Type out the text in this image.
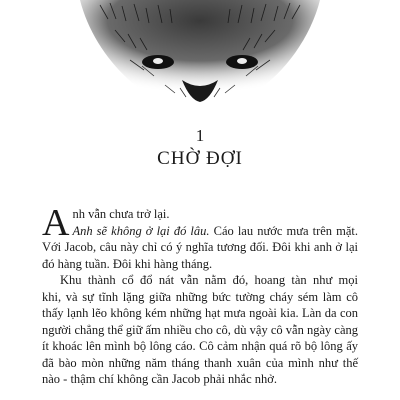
1
CHỜ ĐỢI

Anh vẫn chưa trở lại.

Anh sẽ không ở lại đó lâu. Cáo lau nước mưa trên mặt.

Với Jacob, câu này chỉ có ý nghĩa tương đối. Đôi khi anh ở lại
đó hàng tuần. Đôi khi hàng tháng.

Khu thành cổ đổ nát vẫn nằm đó, hoang tàn như mọi
khi, và sự tĩnh lặng giữa những bức tường cháy sém làm cô
thấy lạnh lẽo không kém những hạt mưa ngoài kia. Làn da con
người chẳng thể giữ ấm nhiều cho cô, dù vậy cô vẫn ngày càng
ít khoác lên mình bộ lông cáo. Cô cảm nhận quá rõ bộ lông ấy
đã bào mòn những năm tháng thanh xuân của mình như thế
nào - thậm chí không cần Jacob phải nhắc nhở.
